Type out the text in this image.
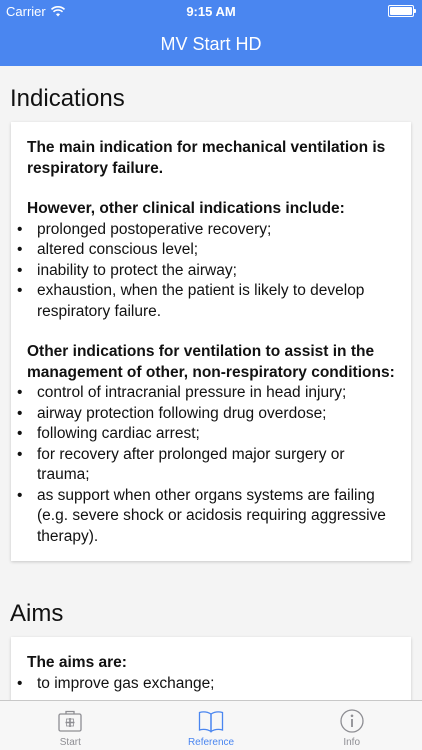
Carrier	9:15 AM
MV Start HD
Indications

The main indication for mechanical ventilation is respiratory failure.

However, other clinical indications include:

• prolonged postoperative recovery;
• altered conscious level;
• inability to protect the airway;
• exhaustion, when the patient is likely to develop respiratory failure.

Other indications for ventilation to assist in the management of other, non-respiratory conditions:

• control of intracranial pressure in head injury;
• airway protection following drug overdose;
• following cardiac arrest;
• for recovery after prolonged major surgery or trauma;
• as support when other organs systems are failing (e.g. severe shock or acidosis requiring aggressive therapy).
Aims

The aims are:

• to improve gas exchange;
Start	Reference	Info
